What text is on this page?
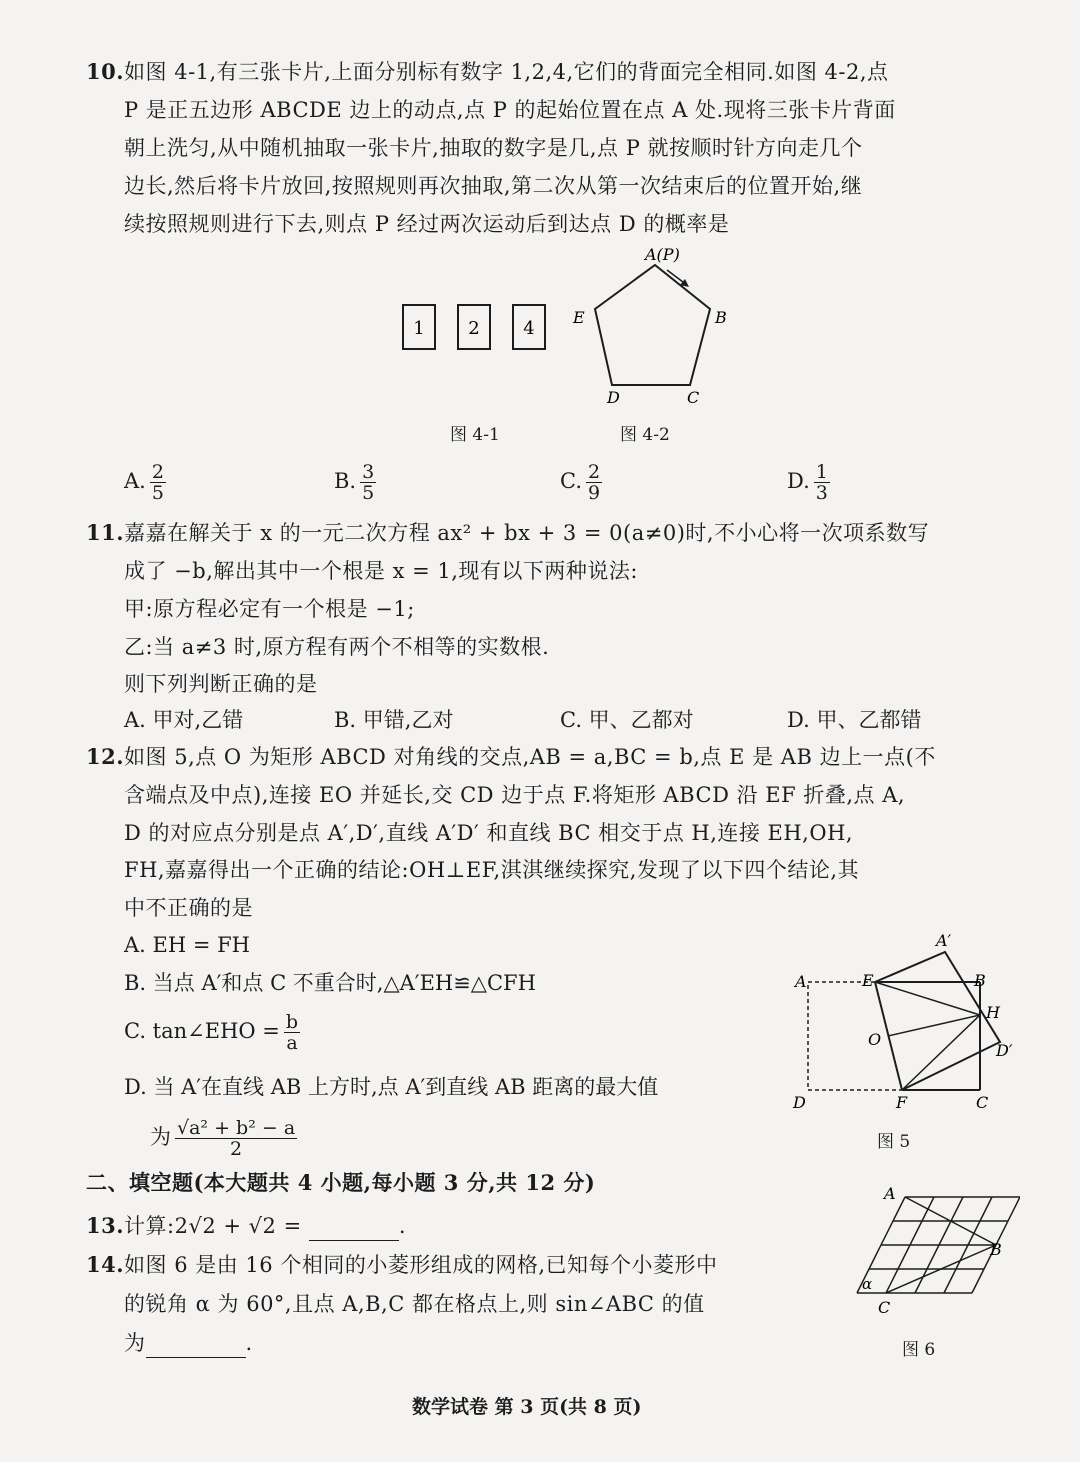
10.如图 4-1,有三张卡片,上面分别标有数字 1,2,4,它们的背面完全相同.如图 4-2,点
P 是正五边形 ABCDE 边上的动点,点 P 的起始位置在点 A 处.现将三张卡片背面
朝上洗匀,从中随机抽取一张卡片,抽取的数字是几,点 P 就按顺时针方向走几个
边长,然后将卡片放回,按照规则再次抽取,第二次从第一次结束后的位置开始,继
续按照规则进行下去,则点 P 经过两次运动后到达点 D 的概率是
1 2 4
A(P)
B
C
D
E
图 4-1	图 4-2
A. $\frac{2}{5}$	B. $\frac{3}{5}$	C. $\frac{2}{9}$	D. $\frac{1}{3}$
11.嘉嘉在解关于 x 的一元二次方程 ax² + bx + 3 = 0(a≠0)时,不小心将一次项系数写
成了 −b,解出其中一个根是 x = 1,现有以下两种说法:
甲:原方程必定有一个根是 −1;
乙:当 a≠3 时,原方程有两个不相等的实数根.
则下列判断正确的是
A. 甲对,乙错	B. 甲错,乙对	C. 甲、乙都对	D. 甲、乙都错
12.如图 5,点 O 为矩形 ABCD 对角线的交点,AB = a,BC = b,点 E 是 AB 边上一点(不
含端点及中点),连接 EO 并延长,交 CD 边于点 F.将矩形 ABCD 沿 EF 折叠,点 A,
D 的对应点分别是点 A′,D′,直线 A′D′ 和直线 BC 相交于点 H,连接 EH,OH,
FH,嘉嘉得出一个正确的结论:OH⊥EF,淇淇继续探究,发现了以下四个结论,其
中不正确的是
A. EH = FH
B. 当点 A′和点 C 不重合时,△A′EH≌△CFH
C. tan∠EHO = $\frac{b}{a}$
D. 当 A′在直线 AB 上方时,点 A′到直线 AB 距离的最大值
为 $\frac{\text{√a² + b² − a}}{2}$
A	E	B
A′
H
O
D′
D	F	C
图 5
二、填空题(本大题共 4 小题,每小题 3 分,共 12 分)
13.计算:2√2 + √2 =	.
14.如图 6 是由 16 个相同的小菱形组成的网格,已知每个小菱形中
的锐角 α 为 60°,且点 A,B,C 都在格点上,则 sin∠ABC 的值
为	.
A
B
C
α
图 6
数学试卷 第 3 页(共 8 页)
